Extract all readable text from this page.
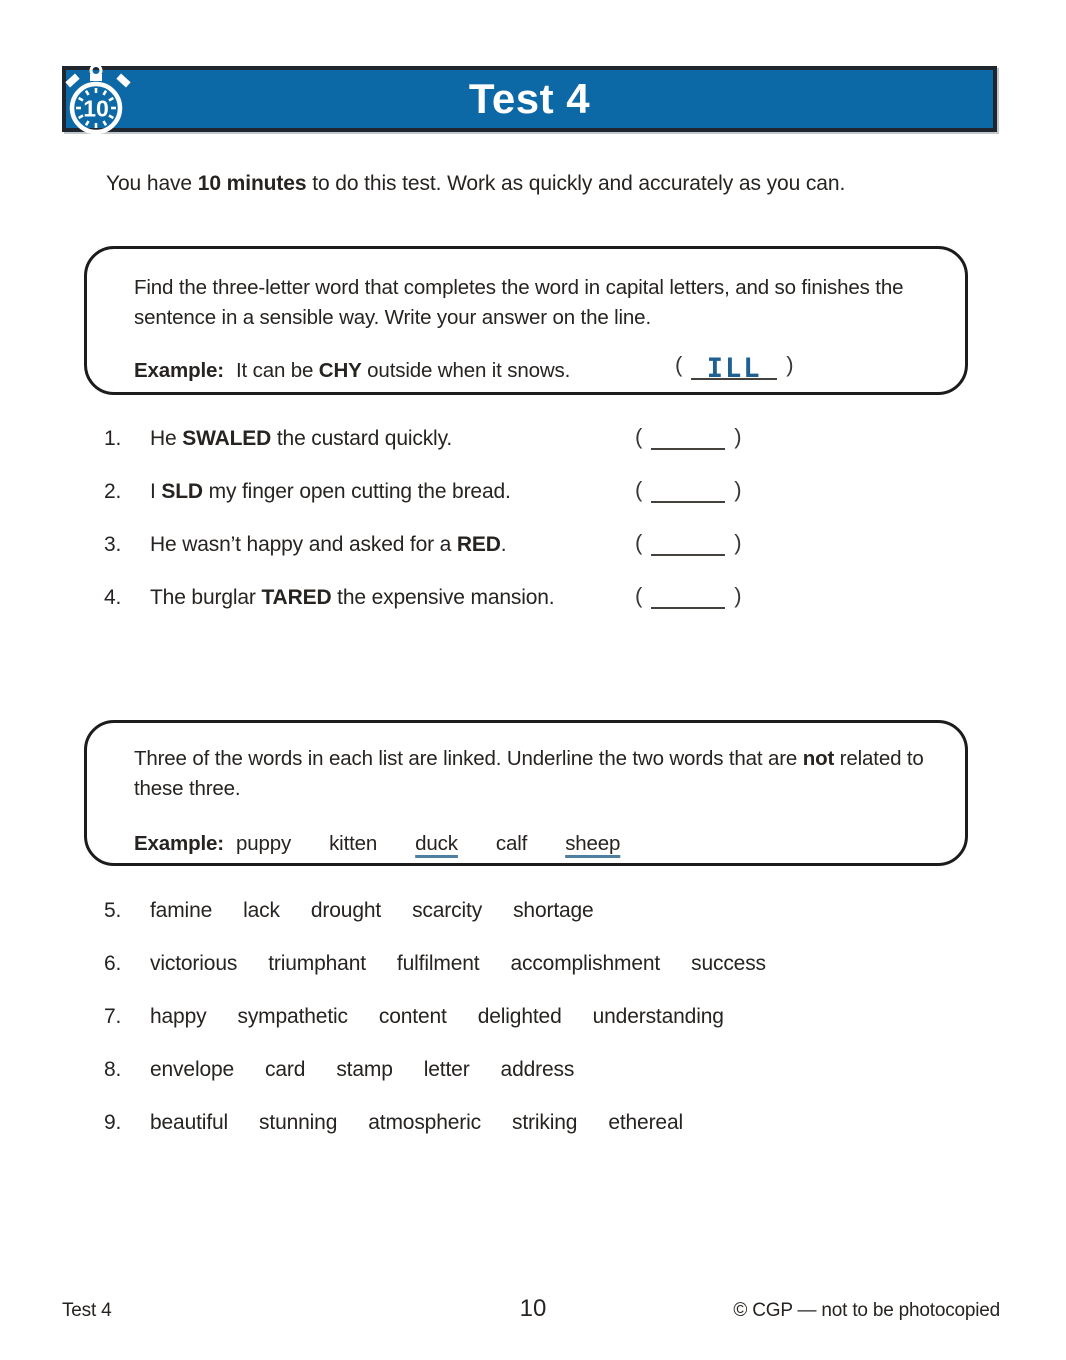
Test 4
10

You have 10 minutes to do this test. Work as quickly and accurately as you can.

Find the three-letter word that completes the word in capital letters, and so finishes the sentence in a sensible way. Write your answer on the line.

Example: It can be CHY outside when it snows.	( ILL	)

1.	He SWALED the custard quickly.	(	)
2.	I SLD my finger open cutting the bread.	(	)
3.	He wasn’t happy and asked for a RED.	(	)
4.	The burglar TARED the expensive mansion.	(	)

Three of the words in each list are linked. Underline the two words that are not related to these three.

Example: puppy kitten duck calf sheep

5.	famine lack drought scarcity shortage
6.	victorious triumphant fulfilment accomplishment success
7.	happy sympathetic content delighted understanding
8.	envelope card stamp letter address
9.	beautiful stunning atmospheric striking ethereal
Test 4	10	© CGP — not to be photocopied
